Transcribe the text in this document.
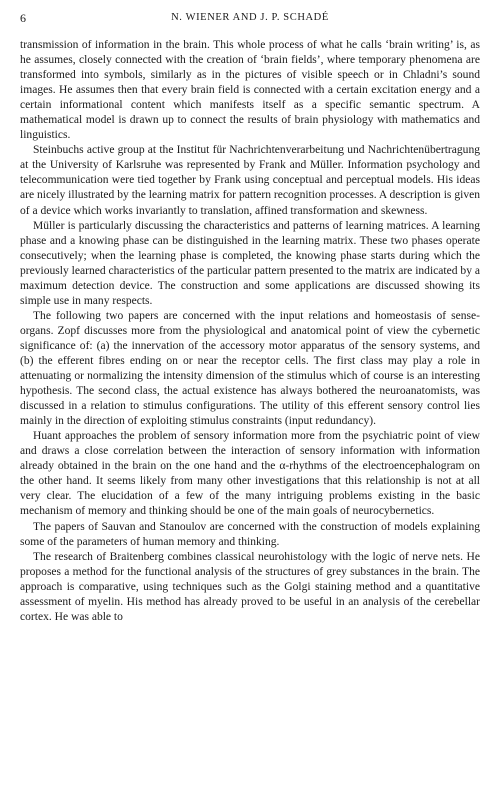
6	N. WIENER AND J. P. SCHADÉ

transmission of information in the brain. This whole process of what he calls ‘brain writing’ is, as he assumes, closely connected with the creation of ‘brain fields’, where temporary phenomena are transformed into symbols, similarly as in the pictures of visible speech or in Chladni’s sound images. He assumes then that every brain field is connected with a certain excitation energy and a certain informational content which manifests itself as a specific semantic spectrum. A mathematical model is drawn up to connect the results of brain physiology with mathematics and linguistics.

Steinbuchs active group at the Institut für Nachrichtenverarbeitung und Nachrichtenübertragung at the University of Karlsruhe was represented by Frank and Müller. Information psychology and telecommunication were tied together by Frank using conceptual and perceptual models. His ideas are nicely illustrated by the learning matrix for pattern recognition processes. A description is given of a device which works invariantly to translation, affined transformation and skewness.

Müller is particularly discussing the characteristics and patterns of learning matrices. A learning phase and a knowing phase can be distinguished in the learning matrix. These two phases operate consecutively; when the learning phase is completed, the knowing phase starts during which the previously learned characteristics of the particular pattern presented to the matrix are indicated by a maximum detection device. The construction and some applications are discussed showing its simple use in many respects.

The following two papers are concerned with the input relations and homeostasis of sense-organs. Zopf discusses more from the physiological and anatomical point of view the cybernetic significance of: (a) the innervation of the accessory motor apparatus of the sensory systems, and (b) the efferent fibres ending on or near the receptor cells. The first class may play a role in attenuating or normalizing the intensity dimension of the stimulus which of course is an interesting hypothesis. The second class, the actual existence has always bothered the neuroanatomists, was discussed in a relation to stimulus configurations. The utility of this efferent sensory control lies mainly in the direction of exploiting stimulus constraints (input redundancy).

Huant approaches the problem of sensory information more from the psychiatric point of view and draws a close correlation between the interaction of sensory information with information already obtained in the brain on the one hand and the α-rhythms of the electroencephalogram on the other hand. It seems likely from many other investigations that this relationship is not at all very clear. The elucidation of a few of the many intriguing problems existing in the basic mechanism of memory and thinking should be one of the main goals of neurocybernetics.

The papers of Sauvan and Stanoulov are concerned with the construction of models explaining some of the parameters of human memory and thinking.

The research of Braitenberg combines classical neurohistology with the logic of nerve nets. He proposes a method for the functional analysis of the structures of grey substances in the brain. The approach is comparative, using techniques such as the Golgi staining method and a quantitative assessment of myelin. His method has already proved to be useful in an analysis of the cerebellar cortex. He was able to
